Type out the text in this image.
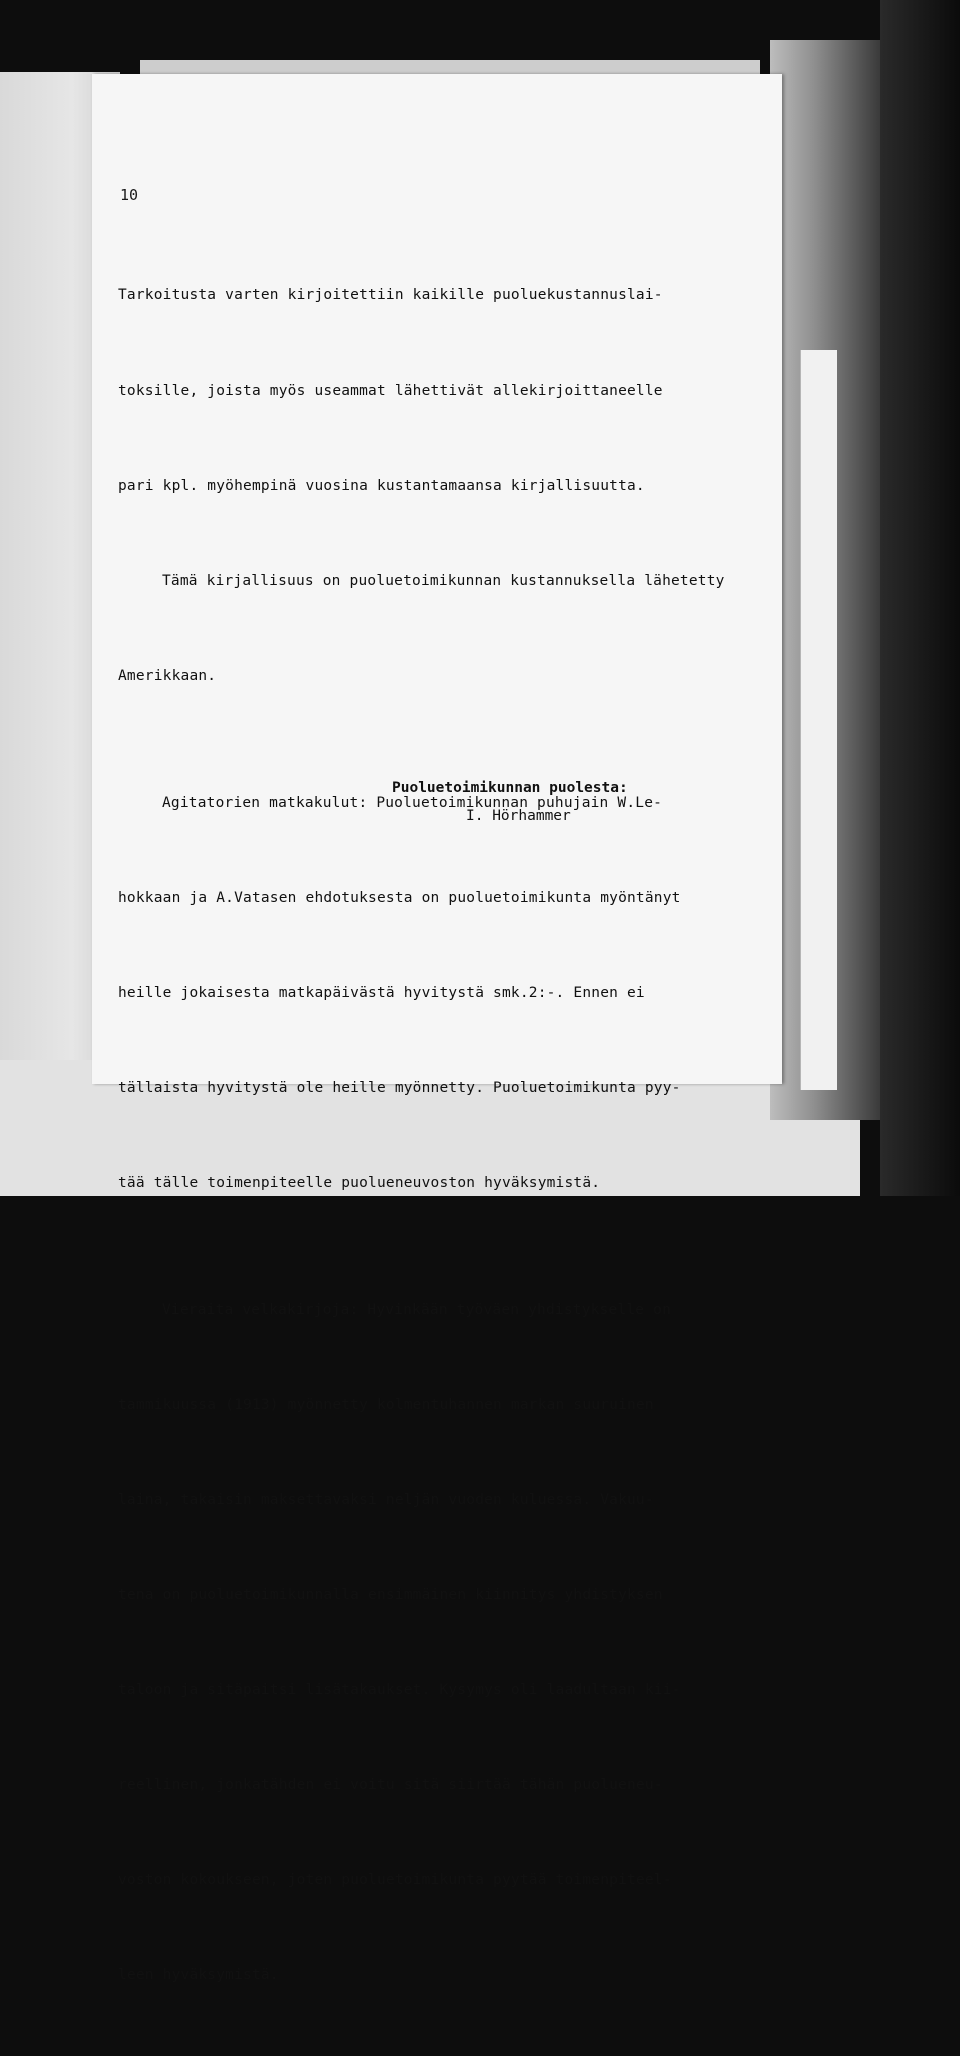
10

Tarkoitusta varten kirjoitettiin kaikille puoluekustannuslai-

toksille, joista myös useammat lähettivät allekirjoittaneelle

pari kpl. myöhempinä vuosina kustantamaansa kirjallisuutta.

Tämä kirjallisuus on puoluetoimikunnan kustannuksella lähetetty

Amerikkaan.

Agitatorien matkakulut: Puoluetoimikunnan puhujain W.Le-

hokkaan ja A.Vatasen ehdotuksesta on puoluetoimikunta myöntänyt

heille jokaisesta matkapäivästä hyvitystä smk.2:-. Ennen ei

tällaista hyvitystä ole heille myönnetty. Puoluetoimikunta pyy-

tää tälle toimenpiteelle puolueneuvoston hyväksymistä.

Vieraita velkakirjoja: Hyvinkään työväen yhdistykselle on

tammikuussa (1913) myönnetty kolmentuhannen markan suuruinen

laina, takaisin maksettavaksi neljän vuoden kuluessa. Vakuu-

tena on puoluetoimikunnalla ensimmäinen kiinnitys yhdistyksen

taloon ja sitäpaitsi lisätakaukset. Kysymys oli laadultaan kii-

reellinen, jonkatähden ei voitu sitä siirtää tähän puolueneu-

voston kokoukseen, joten puoluetoimikunta pyytää toimenpiteel-

leen hyväksymistä.

Puoluetoimikunnan puolesta:
I. Hörhammer
